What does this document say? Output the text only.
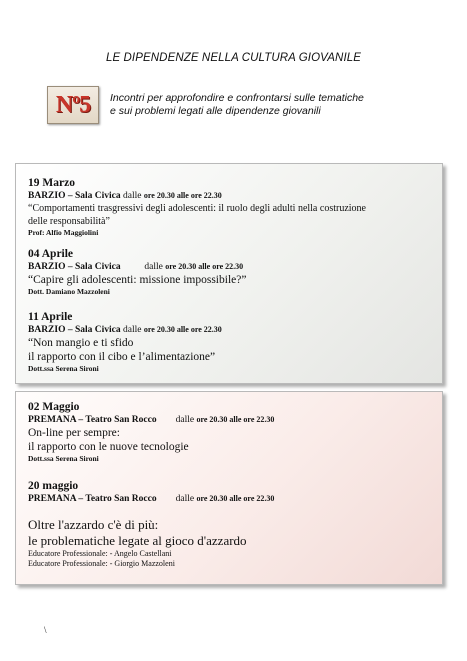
LE DIPENDENZE NELLA CULTURA GIOVANILE
Nº5 Incontri per approfondire e confrontarsi sulle tematiche
e sui problemi legati alle dipendenze giovanili
19 Marzo
BARZIO – Sala Civica dalle ore 20.30 alle ore 22.30
“Comportamenti trasgressivi degli adolescenti: il ruolo degli adulti nella costruzione
delle responsabilità”
Prof: Alfio Maggiolini
04 Aprile
BARZIO – Sala Civica	dalle ore 20.30 alle ore 22.30
“Capire gli adolescenti: missione impossibile?”
Dott. Damiano Mazzoleni
11 Aprile
BARZIO – Sala Civica dalle ore 20.30 alle ore 22.30
“Non mangio e ti sfido
il rapporto con il cibo e l’alimentazione”
Dott.ssa Serena Sironi
02 Maggio
PREMANA – Teatro San Rocco dalle ore 20.30 alle ore 22.30
On-line per sempre:
il rapporto con le nuove tecnologie
Dott.ssa Serena Sironi
20 maggio
PREMANA – Teatro San Rocco dalle ore 20.30 alle ore 22.30
Oltre l'azzardo c'è di più:
le problematiche legate al gioco d'azzardo
Educatore Professionale: - Angelo Castellani
Educatore Professionale: - Giorgio Mazzoleni
\
